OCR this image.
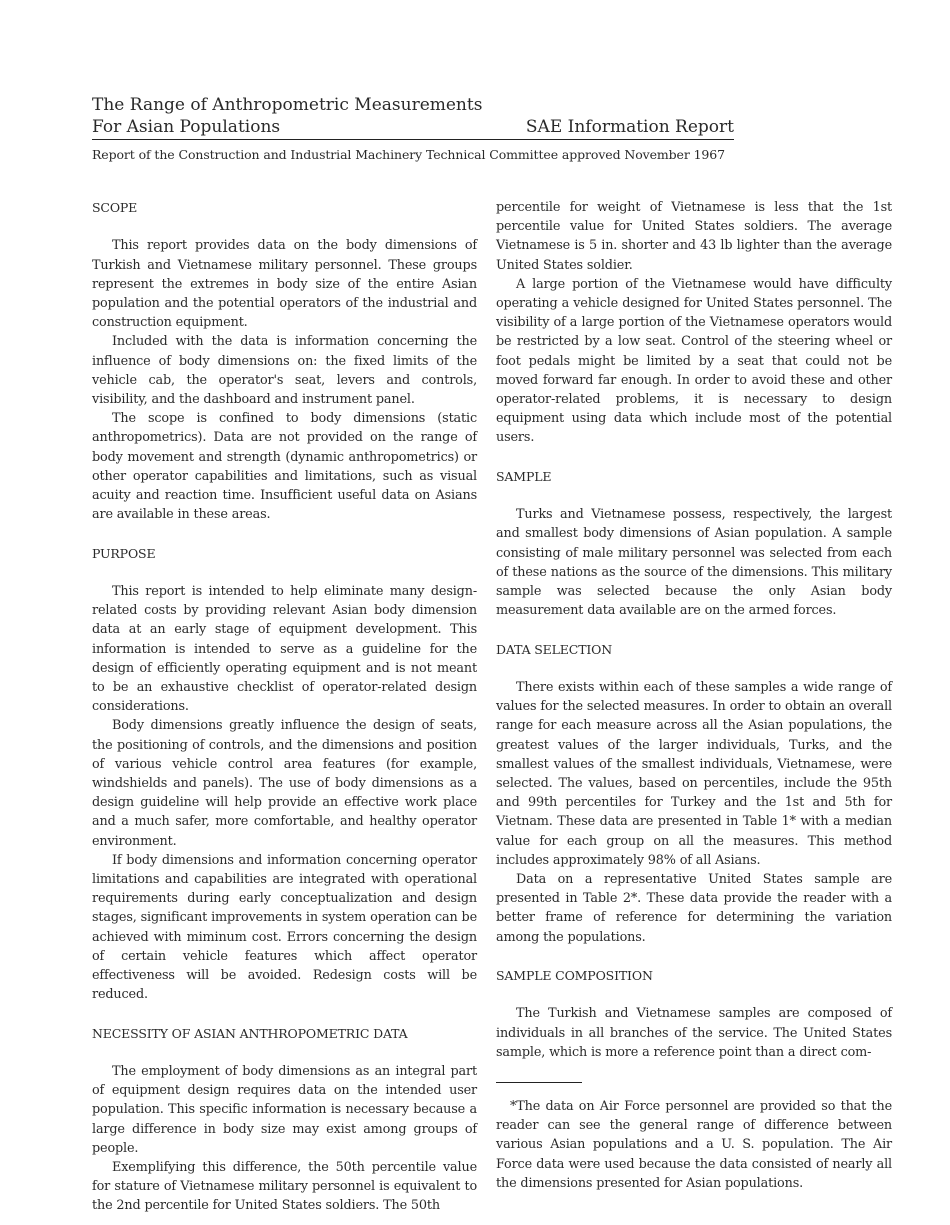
The Range of Anthropometric Measurements
For Asian Populations	SAE Information Report
Report of the Construction and Industrial Machinery Technical Committee approved November 1967

SCOPE

This report provides data on the body dimensions of Turkish and Vietnamese military personnel. These groups represent the extremes in body size of the entire Asian population and the potential operators of the industrial and construction equipment.

Included with the data is information concerning the influence of body dimensions on: the fixed limits of the vehicle cab, the operator's seat, levers and controls, visibility, and the dashboard and instrument panel.

The scope is confined to body dimensions (static anthropometrics). Data are not provided on the range of body movement and strength (dynamic anthropometrics) or other operator capabilities and limitations, such as visual acuity and reaction time. Insufficient useful data on Asians are available in these areas.

PURPOSE

This report is intended to help eliminate many design-related costs by providing relevant Asian body dimension data at an early stage of equipment development. This information is intended to serve as a guideline for the design of efficiently operating equipment and is not meant to be an exhaustive checklist of operator-related design considerations.

Body dimensions greatly influence the design of seats, the positioning of controls, and the dimensions and position of various vehicle control area features (for example, windshields and panels). The use of body dimensions as a design guideline will help provide an effective work place and a much safer, more comfortable, and healthy operator environment.

If body dimensions and information concerning operator limitations and capabilities are integrated with operational requirements during early conceptualization and design stages, significant improvements in system operation can be achieved with miminum cost. Errors concerning the design of certain vehicle features which affect operator effectiveness will be avoided. Redesign costs will be reduced.

NECESSITY OF ASIAN ANTHROPOMETRIC DATA

The employment of body dimensions as an integral part of equipment design requires data on the intended user population. This specific information is necessary because a large difference in body size may exist among groups of people.

Exemplifying this difference, the 50th percentile value for stature of Vietnamese military personnel is equivalent to the 2nd percentile for United States soldiers. The 50th

percentile for weight of Vietnamese is less that the 1st percentile value for United States soldiers. The average Vietnamese is 5 in. shorter and 43 lb lighter than the average United States soldier.

A large portion of the Vietnamese would have difficulty operating a vehicle designed for United States personnel. The visibility of a large portion of the Vietnamese operators would be restricted by a low seat. Control of the steering wheel or foot pedals might be limited by a seat that could not be moved forward far enough. In order to avoid these and other operator-related problems, it is necessary to design equipment using data which include most of the potential users.

SAMPLE

Turks and Vietnamese possess, respectively, the largest and smallest body dimensions of Asian population. A sample consisting of male military personnel was selected from each of these nations as the source of the dimensions. This military sample was selected because the only Asian body measurement data available are on the armed forces.

DATA SELECTION

There exists within each of these samples a wide range of values for the selected measures. In order to obtain an overall range for each measure across all the Asian populations, the greatest values of the larger individuals, Turks, and the smallest values of the smallest individuals, Vietnamese, were selected. The values, based on percentiles, include the 95th and 99th percentiles for Turkey and the 1st and 5th for Vietnam. These data are presented in Table 1* with a median value for each group on all the measures. This method includes approximately 98% of all Asians.

Data on a representative United States sample are presented in Table 2*. These data provide the reader with a better frame of reference for determining the variation among the populations.

SAMPLE COMPOSITION

The Turkish and Vietnamese samples are composed of individuals in all branches of the service. The United States sample, which is more a reference point than a direct com-

*The data on Air Force personnel are provided so that the reader can see the general range of difference between various Asian populations and a U. S. population. The Air Force data were used because the data consisted of nearly all the dimensions presented for Asian populations.
